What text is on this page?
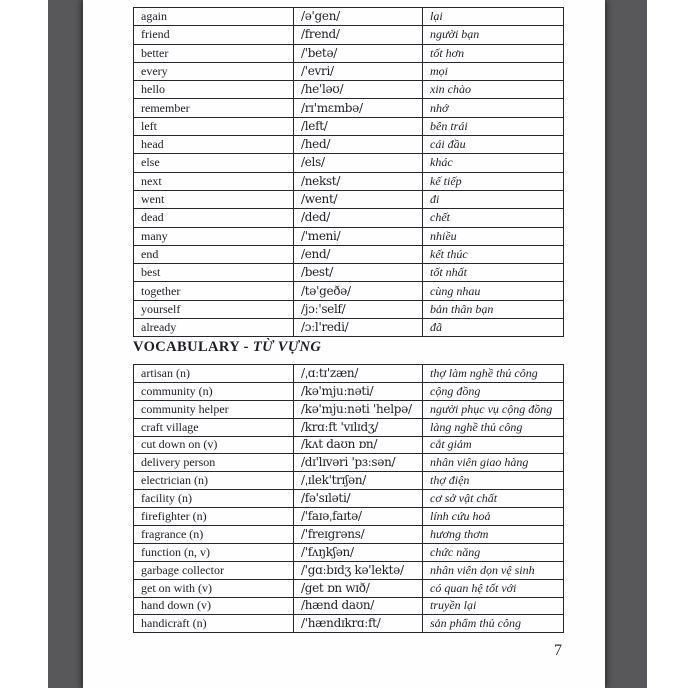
again	/ə'gen/	lại
friend	/frend/	người bạn
better	/'betə/	tốt hơn
every	/'evri/	mọi
hello	/he'ləʊ/	xin chào
remember	/rɪ'mɛmbə/	nhớ
left	/left/	bên trái
head	/hed/	cái đầu
else	/els/	khác
next	/nekst/	kế tiếp
went	/went/	đi
dead	/ded/	chết
many	/'meni/	nhiều
end	/end/	kết thúc
best	/best/	tốt nhất
together	/tə'geðə/	cùng nhau
yourself	/jɔː'self/	bản thân bạn
already	/ɔːl'redi/	đã
VOCABULARY - TỪ VỰNG
artisan (n)	/ˌɑːtɪ'zæn/	thợ làm nghề thủ công
community (n)	/kə'mjuːnəti/	cộng đồng
community helper	/kə'mjuːnəti 'helpə/	người phục vụ cộng đồng
craft village	/krɑːft 'vɪlɪdʒ/	làng nghề thủ công
cut down on (v)	/kʌt daʊn ɒn/	cắt giảm
delivery person	/dɪ'lɪvəri 'pɜːsən/	nhân viên giao hàng
electrician (n)	/ˌɪlek'trɪʃən/	thợ điện
facility (n)	/fə'sɪləti/	cơ sở vật chất
firefighter (n)	/'faɪəˌfaɪtə/	lính cứu hoả
fragrance (n)	/'freɪgrəns/	hương thơm
function (n, v)	/'fʌŋkʃən/	chức năng
garbage collector	/'gɑːbɪdʒ kə'lektə/	nhân viên dọn vệ sinh
get on with (v)	/get ɒn wɪð/	có quan hệ tốt với
hand down (v)	/hænd daʊn/	truyền lại
handicraft (n)	/'hændɪkrɑːft/	sản phẩm thủ công
7
